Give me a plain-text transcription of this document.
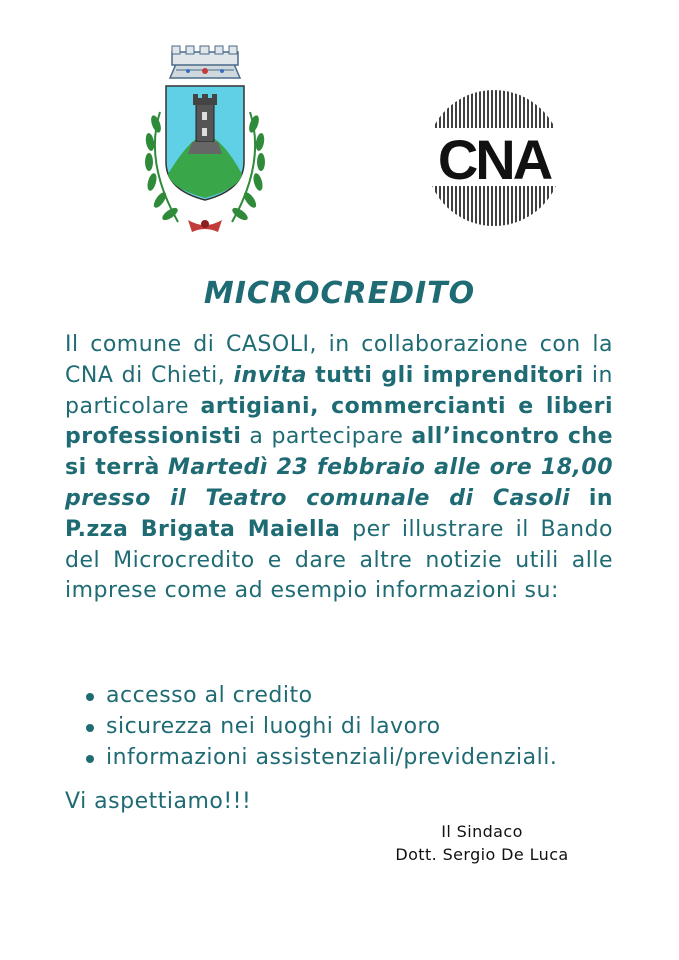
CNA
MICROCREDITO
Il comune di CASOLI, in collaborazione con la CNA di Chieti, invita tutti gli imprenditori in particolare artigiani, commercianti e liberi professionisti a partecipare all’incontro che si terrà Martedì 23 febbraio alle ore 18,00 presso il Teatro comunale di Casoli in P.zza Brigata Maiella per illustrare il Bando del Microcredito e dare altre notizie utili alle imprese come ad esempio informazioni su:
accesso al credito
sicurezza nei luoghi di lavoro
informazioni assistenziali/previdenziali.
Vi aspettiamo!!!
Il Sindaco
Dott. Sergio De Luca
